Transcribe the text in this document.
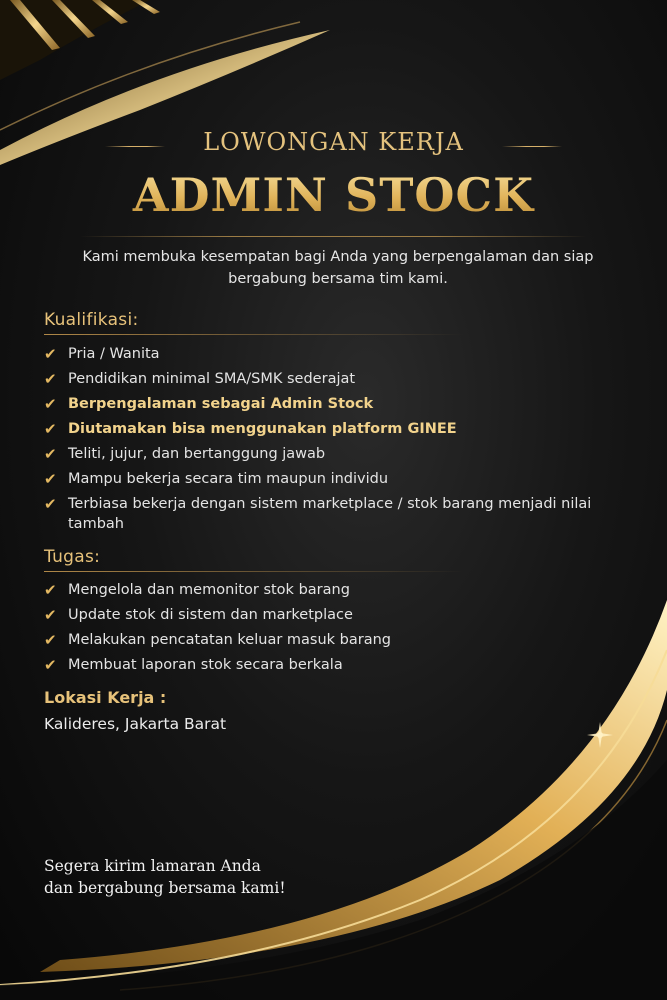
LOWONGAN KERJA
ADMIN STOCK
Kami membuka kesempatan bagi Anda yang berpengalaman dan siap bergabung bersama tim kami.
Kualifikasi:
✔ Pria / Wanita
✔ Pendidikan minimal SMA/SMK sederajat
✔ Berpengalaman sebagai Admin Stock
✔ Diutamakan bisa menggunakan platform GINEE
✔ Teliti, jujur, dan bertanggung jawab
✔ Mampu bekerja secara tim maupun individu
✔ Terbiasa bekerja dengan sistem marketplace / stok barang menjadi nilai tambah
Tugas:
✔ Mengelola dan memonitor stok barang
✔ Update stok di sistem dan marketplace
✔ Melakukan pencatatan keluar masuk barang
✔ Membuat laporan stok secara berkala
Lokasi Kerja :
Kalideres, Jakarta Barat
Segera kirim lamaran Anda
dan bergabung bersama kami!
